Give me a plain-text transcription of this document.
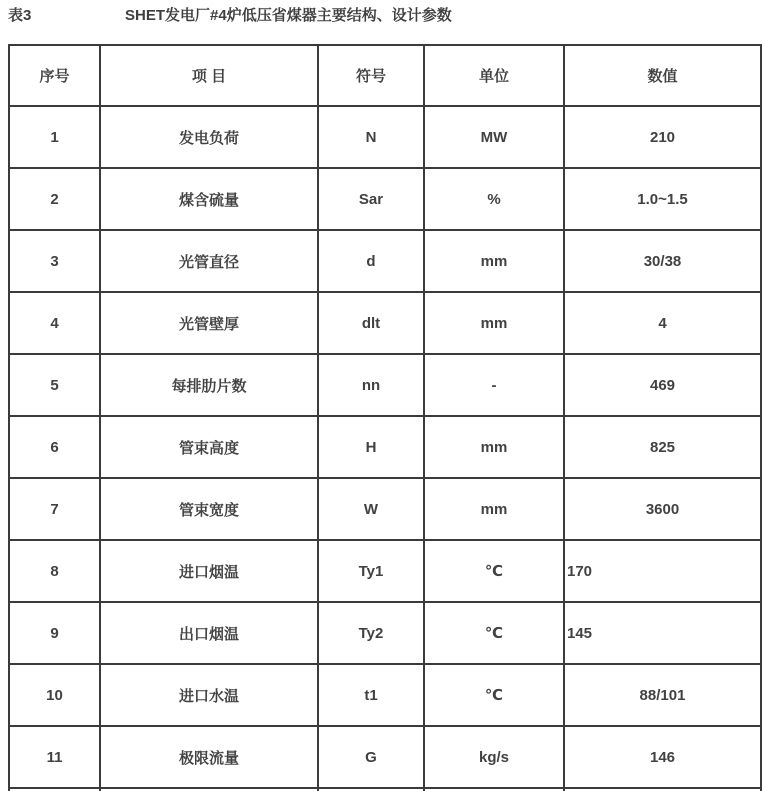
表3	SHET发电厂#4炉低压省煤器主要结构、设计参数
序号	项 目	符号	单位	数值
1	发电负荷	N	MW	210
2	煤含硫量	Sar	%	1.0~1.5
3	光管直径	d	mm	30/38
4	光管壁厚	dlt	mm	4
5	每排肋片数	nn	-	469
6	管束高度	H	mm	825
7	管束宽度	W	mm	3600
8	进口烟温	Ty1	℃	170
9	出口烟温	Ty2	℃	145
10	进口水温	t1	℃	88/101
11	极限流量	G	kg/s	146
